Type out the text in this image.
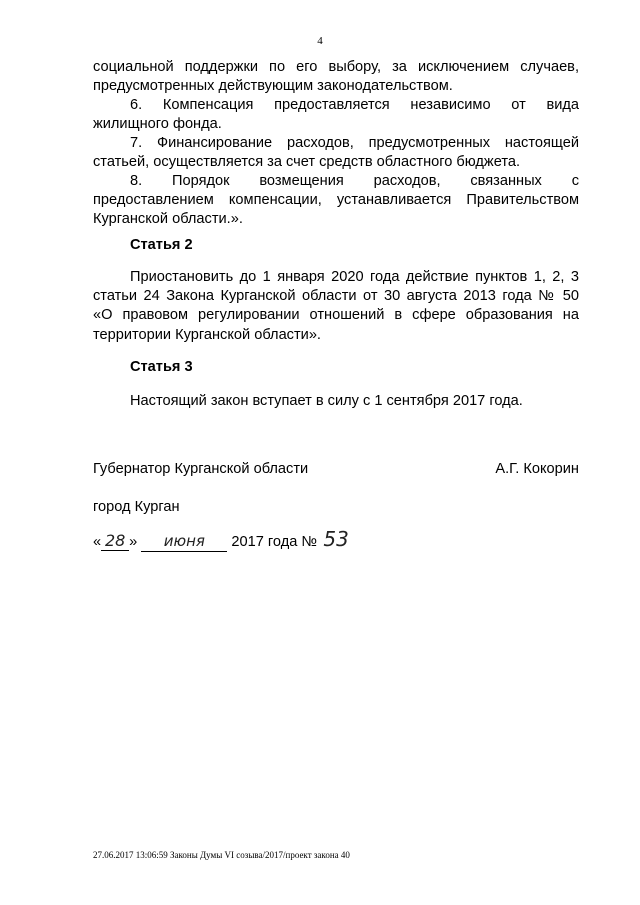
4
социальной поддержки по его выбору, за исключением случаев,
предусмотренных действующим законодательством.
6. Компенсация предоставляется независимо от вида
жилищного фонда.
7. Финансирование расходов, предусмотренных настоящей
статьей, осуществляется за счет средств областного бюджета.
8. Порядок возмещения расходов, связанных с
предоставлением компенсации, устанавливается Правительством
Курганской области.».
Статья 2
Приостановить до 1 января 2020 года действие пунктов 1, 2, 3
статьи 24 Закона Курганской области от 30 августа 2013 года № 50
«О правовом регулировании отношений в сфере образования на
территории Курганской области».
Статья 3
Настоящий закон вступает в силу с 1 сентября 2017 года.
Губернатор Курганской области	А.Г. Кокорин
город Курган
« 28 » июня 2017 года № 53
27.06.2017 13:06:59 Законы Думы VI созыва/2017/проект закона 40
